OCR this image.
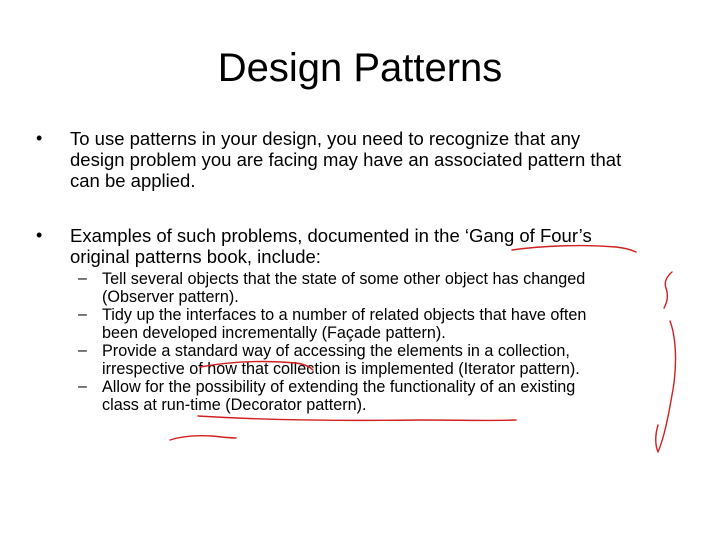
Design Patterns
•	To use patterns in your design, you need to recognize that any
design problem you are facing may have an associated pattern that
can be applied.
•	Examples of such problems, documented in the ‘Gang of Four’s
original patterns book, include:
– Tell several objects that the state of some other object has changed
(Observer pattern).
– Tidy up the interfaces to a number of related objects that have often
been developed incrementally (Façade pattern).
– Provide a standard way of accessing the elements in a collection,
irrespective of how that collection is implemented (Iterator pattern).
– Allow for the possibility of extending the functionality of an existing
class at run-time (Decorator pattern).
